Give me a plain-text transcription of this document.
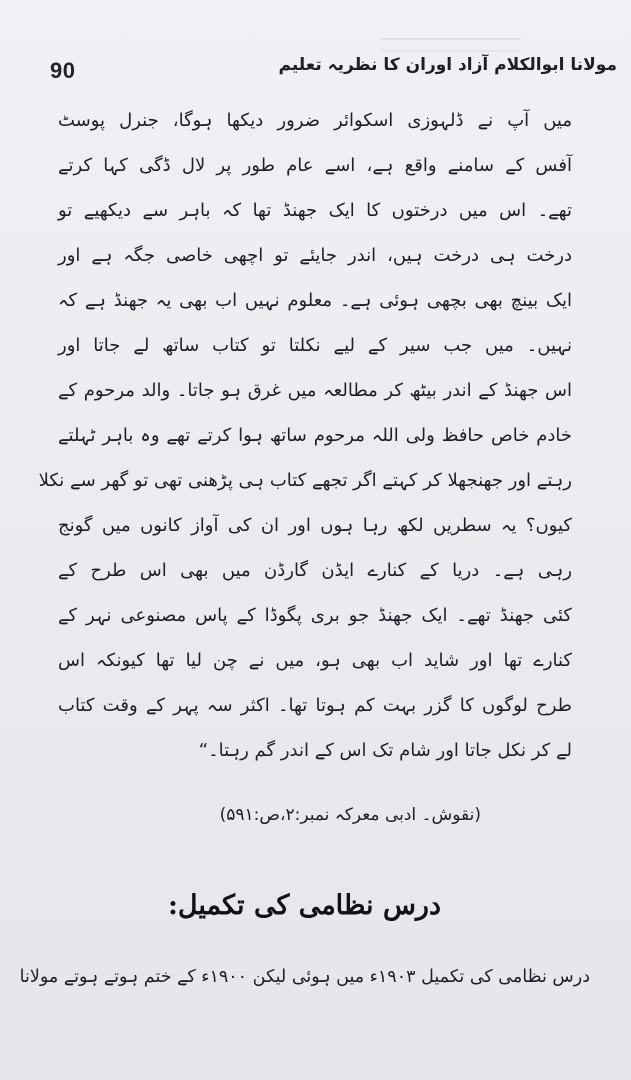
90	مولانا ابوالکلام آزاد اوران کا نظریہ تعلیم
میں آپ نے ڈلہوزی اسکوائر ضرور دیکھا ہوگا، جنرل پوسٹ
آفس کے سامنے واقع ہے، اسے عام طور پر لال ڈگی کہا کرتے
تھے۔ اس میں درختوں کا ایک جھنڈ تھا کہ باہر سے دیکھیے تو
درخت ہی درخت ہیں، اندر جایئے تو اچھی خاصی جگہ ہے اور
ایک بینچ بھی بچھی ہوئی ہے۔ معلوم نہیں اب بھی یہ جھنڈ ہے کہ
نہیں۔ میں جب سیر کے لیے نکلتا تو کتاب ساتھ لے جاتا اور
اس جھنڈ کے اندر بیٹھ کر مطالعہ میں غرق ہو جاتا۔ والد مرحوم کے
خادم خاص حافظ ولی اللہ مرحوم ساتھ ہوا کرتے تھے وہ باہر ٹہلتے
رہتے اور جھنجھلا کر کہتے اگر تجھے کتاب ہی پڑھنی تھی تو گھر سے نکلا
کیوں؟ یہ سطریں لکھ رہا ہوں اور ان کی آواز کانوں میں گونج
رہی ہے۔ دریا کے کنارے ایڈن گارڈن میں بھی اس طرح کے
کئی جھنڈ تھے۔ ایک جھنڈ جو بری پگوڈا کے پاس مصنوعی نہر کے
کنارے تھا اور شاید اب بھی ہو، میں نے چن لیا تھا کیونکہ اس
طرح لوگوں کا گزر بہت کم ہوتا تھا۔ اکثر سہ پہر کے وقت کتاب
لے کر نکل جاتا اور شام تک اس کے اندر گم رہتا۔“
(نقوش۔ ادبی معرکہ نمبر:۲،ص:۵۹۱)
درس نظامی کی تکمیل:
درس نظامی کی تکمیل ۱۹۰۳ء میں ہوئی لیکن ۱۹۰۰ء کے ختم ہوتے ہوتے مولانا
